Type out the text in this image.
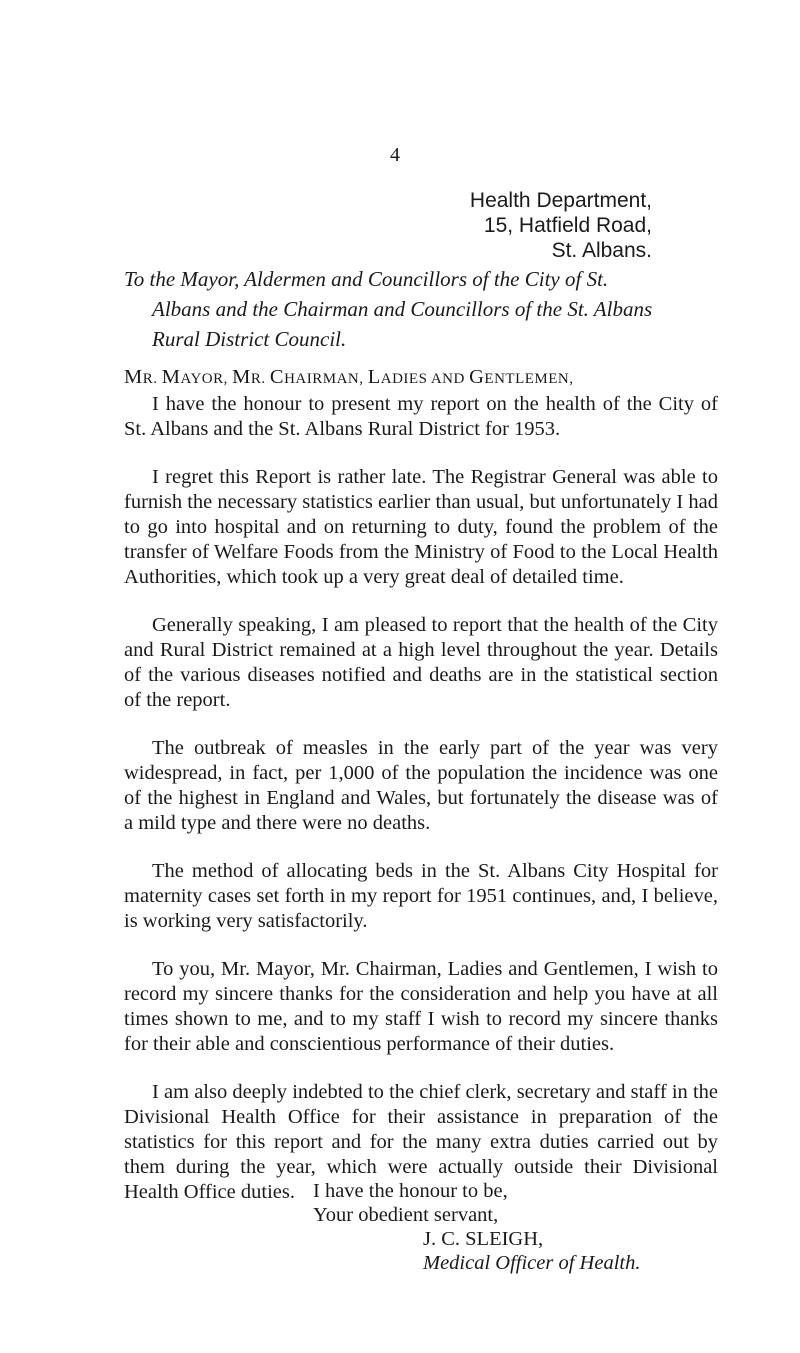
4
Health Department,
15, Hatfield Road,
St. Albans.
To the Mayor, Aldermen and Councillors of the City of St.
Albans and the Chairman and Councillors of the St. Albans
Rural District Council.
MR. MAYOR, MR. CHAIRMAN, LADIES AND GENTLEMEN,

I have the honour to present my report on the health of the City of St. Albans and the St. Albans Rural District for 1953.

I regret this Report is rather late. The Registrar General was able to furnish the necessary statistics earlier than usual, but unfortunately I had to go into hospital and on returning to duty, found the problem of the transfer of Welfare Foods from the Ministry of Food to the Local Health Authorities, which took up a very great deal of detailed time.

Generally speaking, I am pleased to report that the health of the City and Rural District remained at a high level throughout the year. Details of the various diseases notified and deaths are in the statistical section of the report.

The outbreak of measles in the early part of the year was very widespread, in fact, per 1,000 of the population the incidence was one of the highest in England and Wales, but fortunately the disease was of a mild type and there were no deaths.

The method of allocating beds in the St. Albans City Hospital for maternity cases set forth in my report for 1951 continues, and, I believe, is working very satisfactorily.

To you, Mr. Mayor, Mr. Chairman, Ladies and Gentlemen, I wish to record my sincere thanks for the consideration and help you have at all times shown to me, and to my staff I wish to record my sincere thanks for their able and conscientious performance of their duties.

I am also deeply indebted to the chief clerk, secretary and staff in the Divisional Health Office for their assistance in preparation of the statistics for this report and for the many extra duties carried out by them during the year, which were actually outside their Divisional Health Office duties. I have the honour to be,
Your obedient servant,
J. C. SLEIGH,
Medical Officer of Health.
